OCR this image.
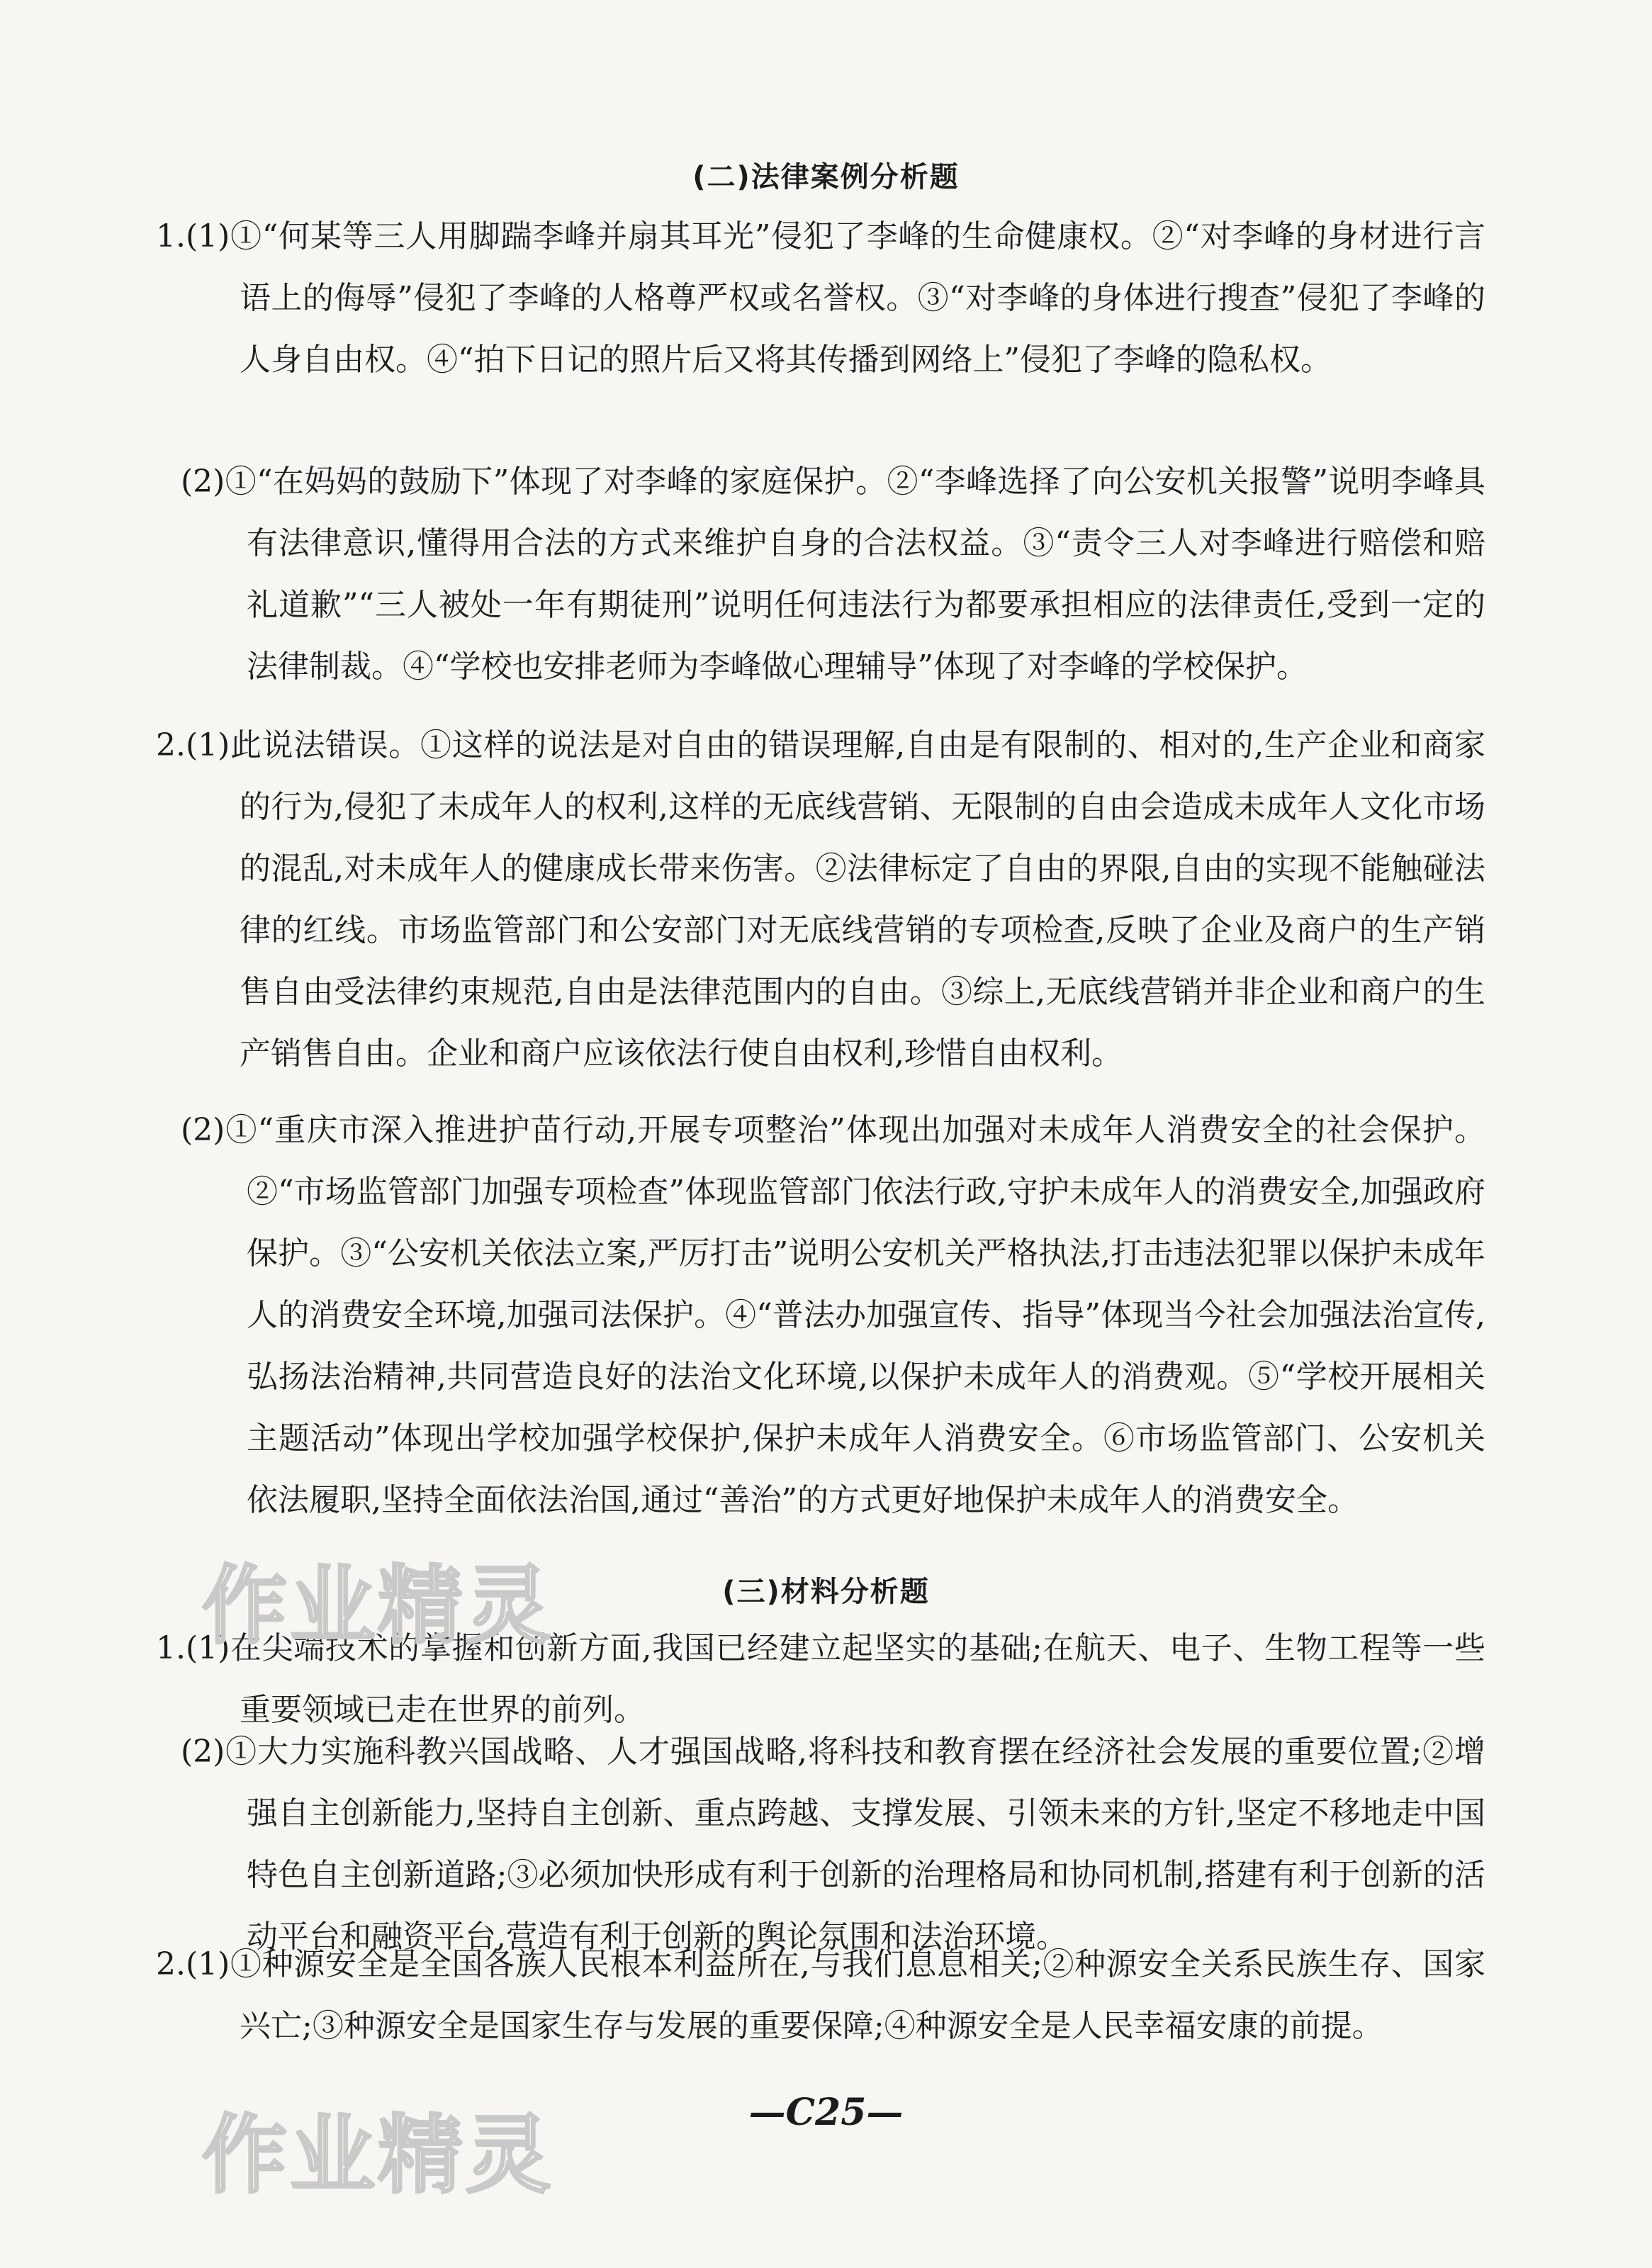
(二)法律案例分析题
1.(1)①“何某等三人用脚踹李峰并扇其耳光”侵犯了李峰的生命健康权。②“对李峰的身材进行言语上的侮辱”侵犯了李峰的人格尊严权或名誉权。③“对李峰的身体进行搜查”侵犯了李峰的人身自由权。④“拍下日记的照片后又将其传播到网络上”侵犯了李峰的隐私权。
(2)①“在妈妈的鼓励下”体现了对李峰的家庭保护。②“李峰选择了向公安机关报警”说明李峰具有法律意识,懂得用合法的方式来维护自身的合法权益。③“责令三人对李峰进行赔偿和赔礼道歉”“三人被处一年有期徒刑”说明任何违法行为都要承担相应的法律责任,受到一定的法律制裁。④“学校也安排老师为李峰做心理辅导”体现了对李峰的学校保护。
2.(1)此说法错误。①这样的说法是对自由的错误理解,自由是有限制的、相对的,生产企业和商家的行为,侵犯了未成年人的权利,这样的无底线营销、无限制的自由会造成未成年人文化市场的混乱,对未成年人的健康成长带来伤害。②法律标定了自由的界限,自由的实现不能触碰法律的红线。市场监管部门和公安部门对无底线营销的专项检查,反映了企业及商户的生产销售自由受法律约束规范,自由是法律范围内的自由。③综上,无底线营销并非企业和商户的生产销售自由。企业和商户应该依法行使自由权利,珍惜自由权利。
(2)①“重庆市深入推进护苗行动,开展专项整治”体现出加强对未成年人消费安全的社会保护。②“市场监管部门加强专项检查”体现监管部门依法行政,守护未成年人的消费安全,加强政府保护。③“公安机关依法立案,严厉打击”说明公安机关严格执法,打击违法犯罪以保护未成年人的消费安全环境,加强司法保护。④“普法办加强宣传、指导”体现当今社会加强法治宣传,弘扬法治精神,共同营造良好的法治文化环境,以保护未成年人的消费观。⑤“学校开展相关主题活动”体现出学校加强学校保护,保护未成年人消费安全。⑥市场监管部门、公安机关依法履职,坚持全面依法治国,通过“善治”的方式更好地保护未成年人的消费安全。
(三)材料分析题
1.(1)在尖端技术的掌握和创新方面,我国已经建立起坚实的基础;在航天、电子、生物工程等一些重要领域已走在世界的前列。
(2)①大力实施科教兴国战略、人才强国战略,将科技和教育摆在经济社会发展的重要位置;②增强自主创新能力,坚持自主创新、重点跨越、支撑发展、引领未来的方针,坚定不移地走中国特色自主创新道路;③必须加快形成有利于创新的治理格局和协同机制,搭建有利于创新的活动平台和融资平台,营造有利于创新的舆论氛围和法治环境。
2.(1)①种源安全是全国各族人民根本利益所在,与我们息息相关;②种源安全关系民族生存、国家兴亡;③种源安全是国家生存与发展的重要保障;④种源安全是人民幸福安康的前提。
作业精灵
作业精灵	—C25—
